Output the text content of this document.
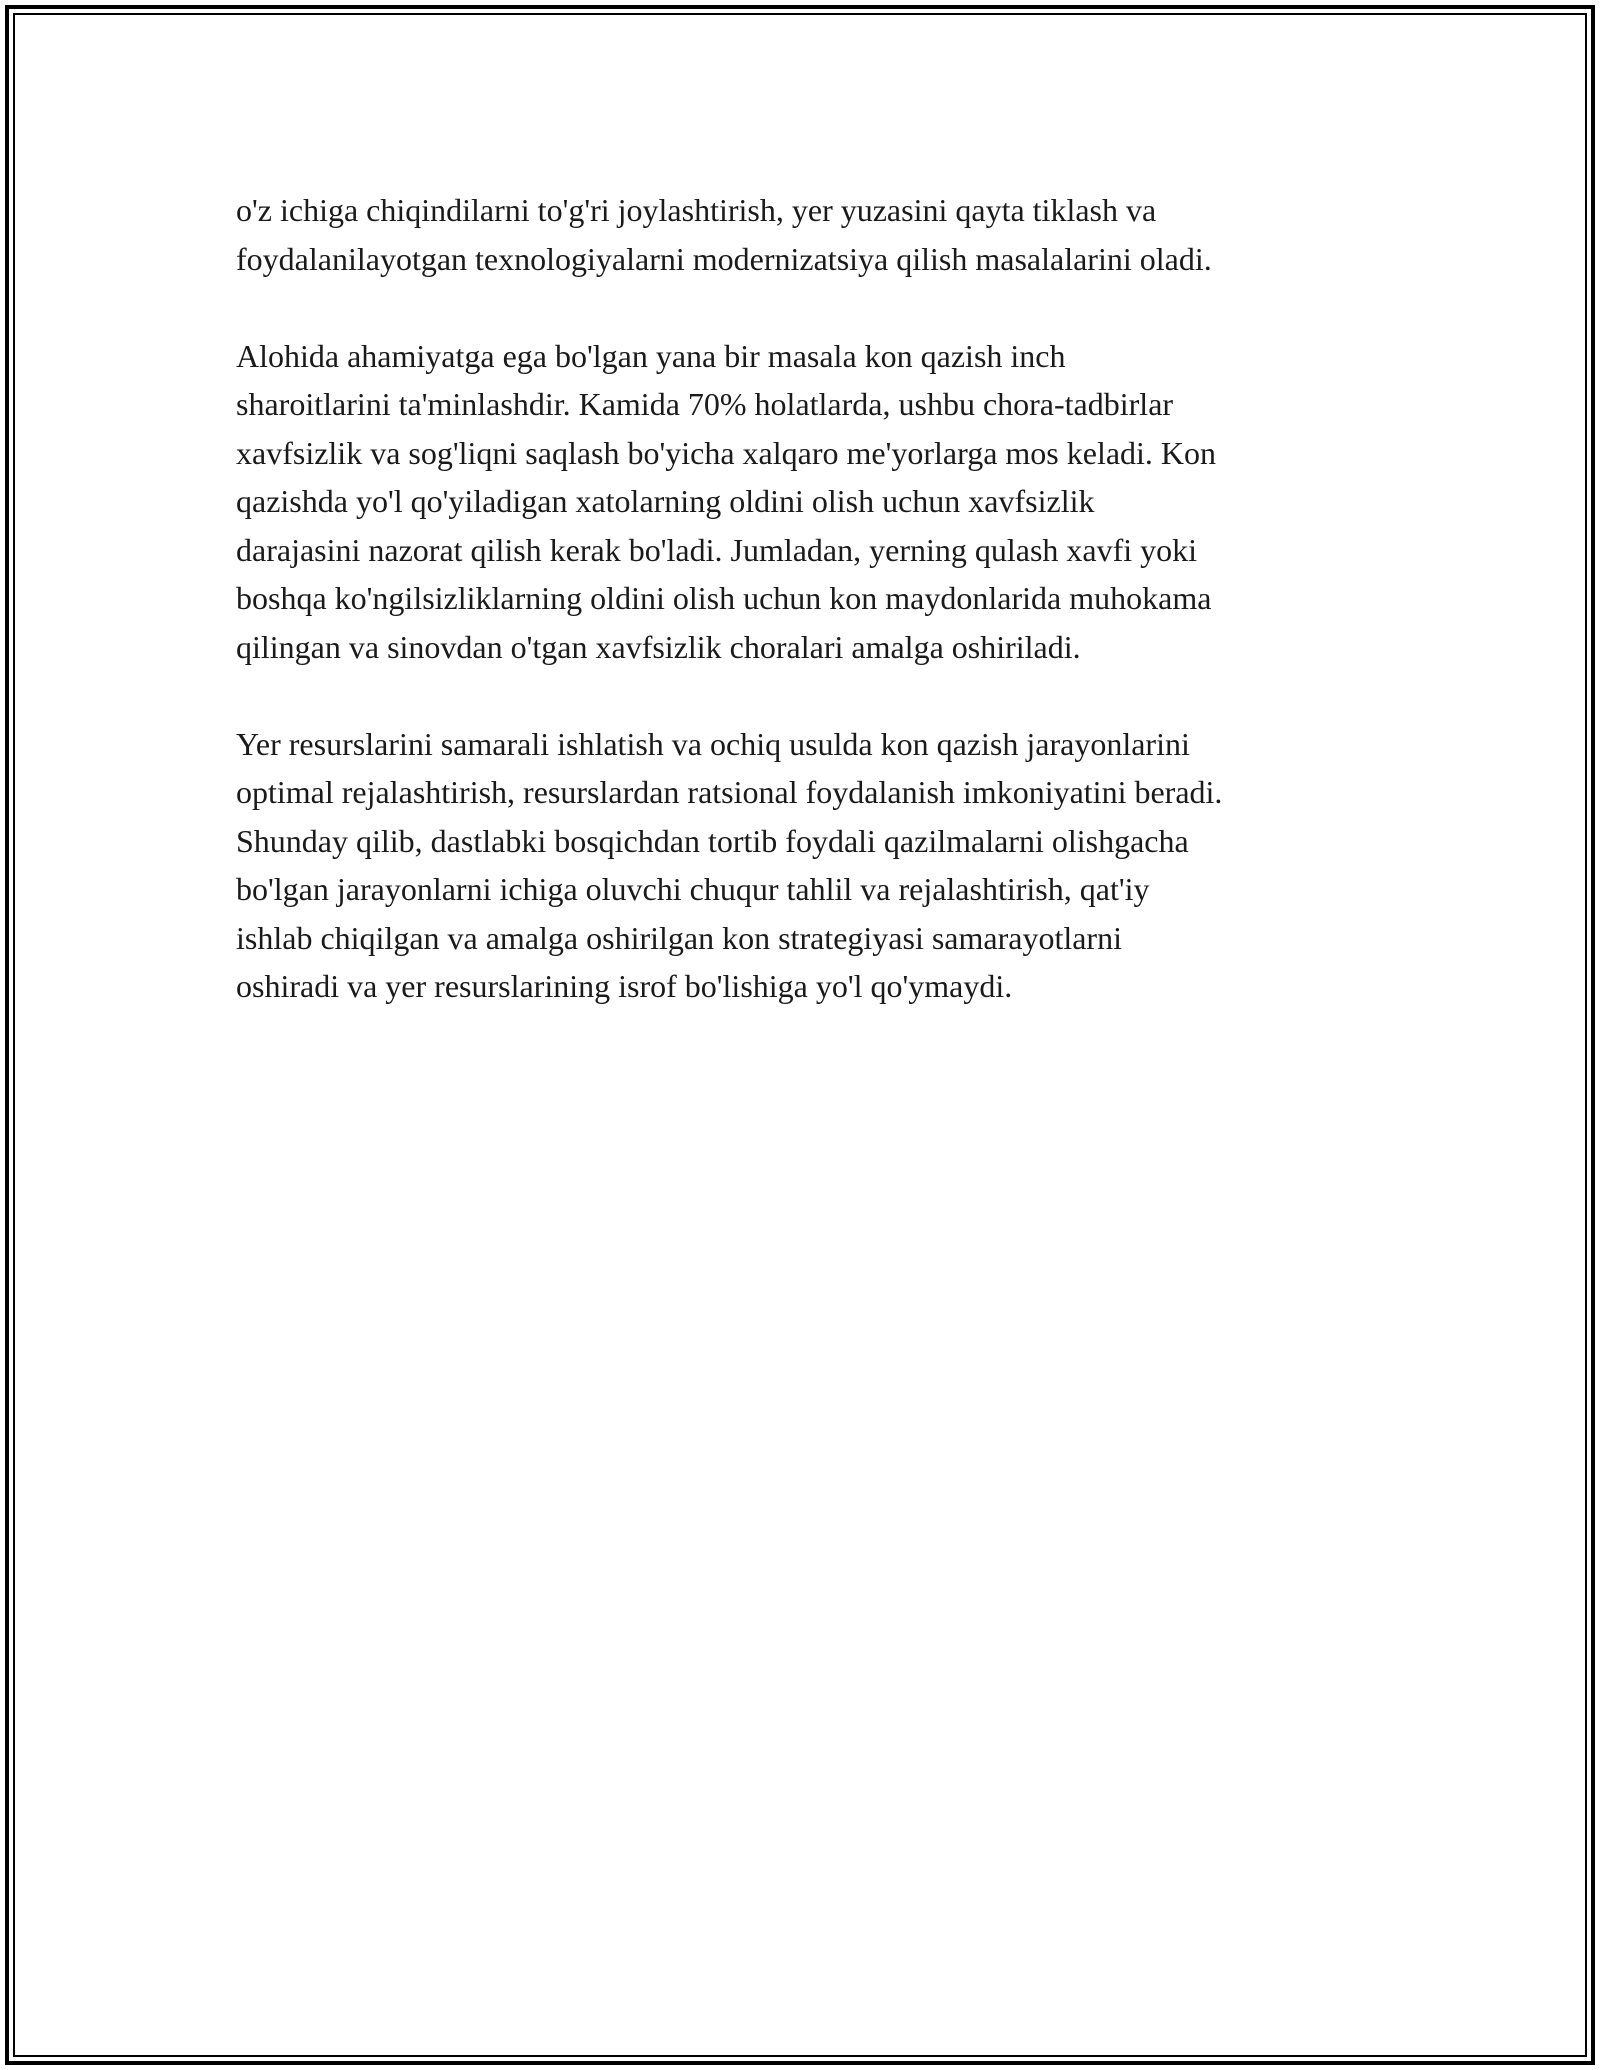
o'z ichiga chiqindilarni to'g'ri joylashtirish, yer yuzasini qayta tiklash va
foydalanilayotgan texnologiyalarni modernizatsiya qilish masalalarini oladi.

Alohida ahamiyatga ega bo'lgan yana bir masala kon qazish inch
sharoitlarini ta'minlashdir. Kamida 70% holatlarda, ushbu chora-tadbirlar
xavfsizlik va sog'liqni saqlash bo'yicha xalqaro me'yorlarga mos keladi. Kon
qazishda yo'l qo'yiladigan xatolarning oldini olish uchun xavfsizlik
darajasini nazorat qilish kerak bo'ladi. Jumladan, yerning qulash xavfi yoki
boshqa ko'ngilsizliklarning oldini olish uchun kon maydonlarida muhokama
qilingan va sinovdan o'tgan xavfsizlik choralari amalga oshiriladi.

Yer resurslarini samarali ishlatish va ochiq usulda kon qazish jarayonlarini
optimal rejalashtirish, resurslardan ratsional foydalanish imkoniyatini beradi.
Shunday qilib, dastlabki bosqichdan tortib foydali qazilmalarni olishgacha
bo'lgan jarayonlarni ichiga oluvchi chuqur tahlil va rejalashtirish, qat'iy
ishlab chiqilgan va amalga oshirilgan kon strategiyasi samarayotlarni
oshiradi va yer resurslarining isrof bo'lishiga yo'l qo'ymaydi.
